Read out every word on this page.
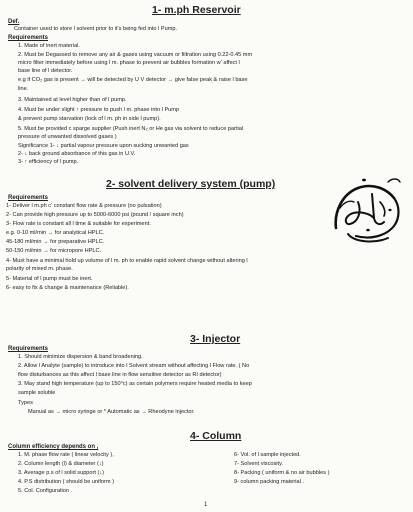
1- m.ph Reservoir
Def.
Container used to store l solvent prior to it's being fed into l Pump.
Requirements
1. Made of inert material.
2. Must be Degassed to remove any air & gases using vacuum or filtration using 0.22-0.45 mm
micro filter immediately before using l m. phase to prevent air bubbles formation w' affect l
base line of l detector.
e.g if CO₂ gas is present → will be detected by U V detector → give false peak & raise l base
line.
3. Maintained at level higher than of l pump.
4. Must be under slight ↑ pressure to push l m. phase into l Pump
& prevent pump starvation (lock of l m. ph in side l pump).
5. Must be provided c sparge supplier (Push inert N₂ or He gas via solvent to reduce partial
pressure of unwanted dissolved gases )
Significance 1- ↓ partial vapour pressure upon sucking unwanted gas
2- ↓ back ground absorbance of this gas in U.V.
3- ↑ efficiency of l pump.
2- solvent delivery system (pump)
Requirements
1- Deliver l m.ph c' constant flow rate & pressure (no pulsation)
2- Can provide high pressure up to 5000-6000 psi (pound / square inch)
3- Flow rate is constant all l time & suitable for experiment.
e.g. 0-10 ml/min → for analytical HPLC.
45-180 ml/min → for preparative HPLC.
50-150 ml/min → for micropore HPLC.
4- Must have a minimal hold up volume of l m. ph to enable rapid solvent change without altering l
polarity of mixed m. phase.
5- Material of l pump must be inert.
6- easy to fix & change & maintenance (Reliable).
3- Injector
Requirements
1. Should minimize dispersion & band broadening.
2. Allow l Analyte (sample) to introduce into l Solvent stream without affecting l Flow rate. ( No
flow disturbances as this affect l base line in flow sensitive detector as RI detector)
3. May stand high temperature (up to 150°c) as certain polymers require heated media to keep
sample soluble
Types
Manual as → micro syringe or * Automatic as → Rheodyne injector.
4- Column
Column efficiency depends on ,
1. M. phase flow rate ( linear velocity ),
2. Column length (l) & diameter (↓)
3. Average p.s of l solid support (↓)
4. P.S distribution ( should be uniform )
5. Col. Configuration .
6- Vol. of l sample injected.
7- Solvent viscosity.
8- Packing ( uniform & no air bubbles )
9- column packing material .
1
